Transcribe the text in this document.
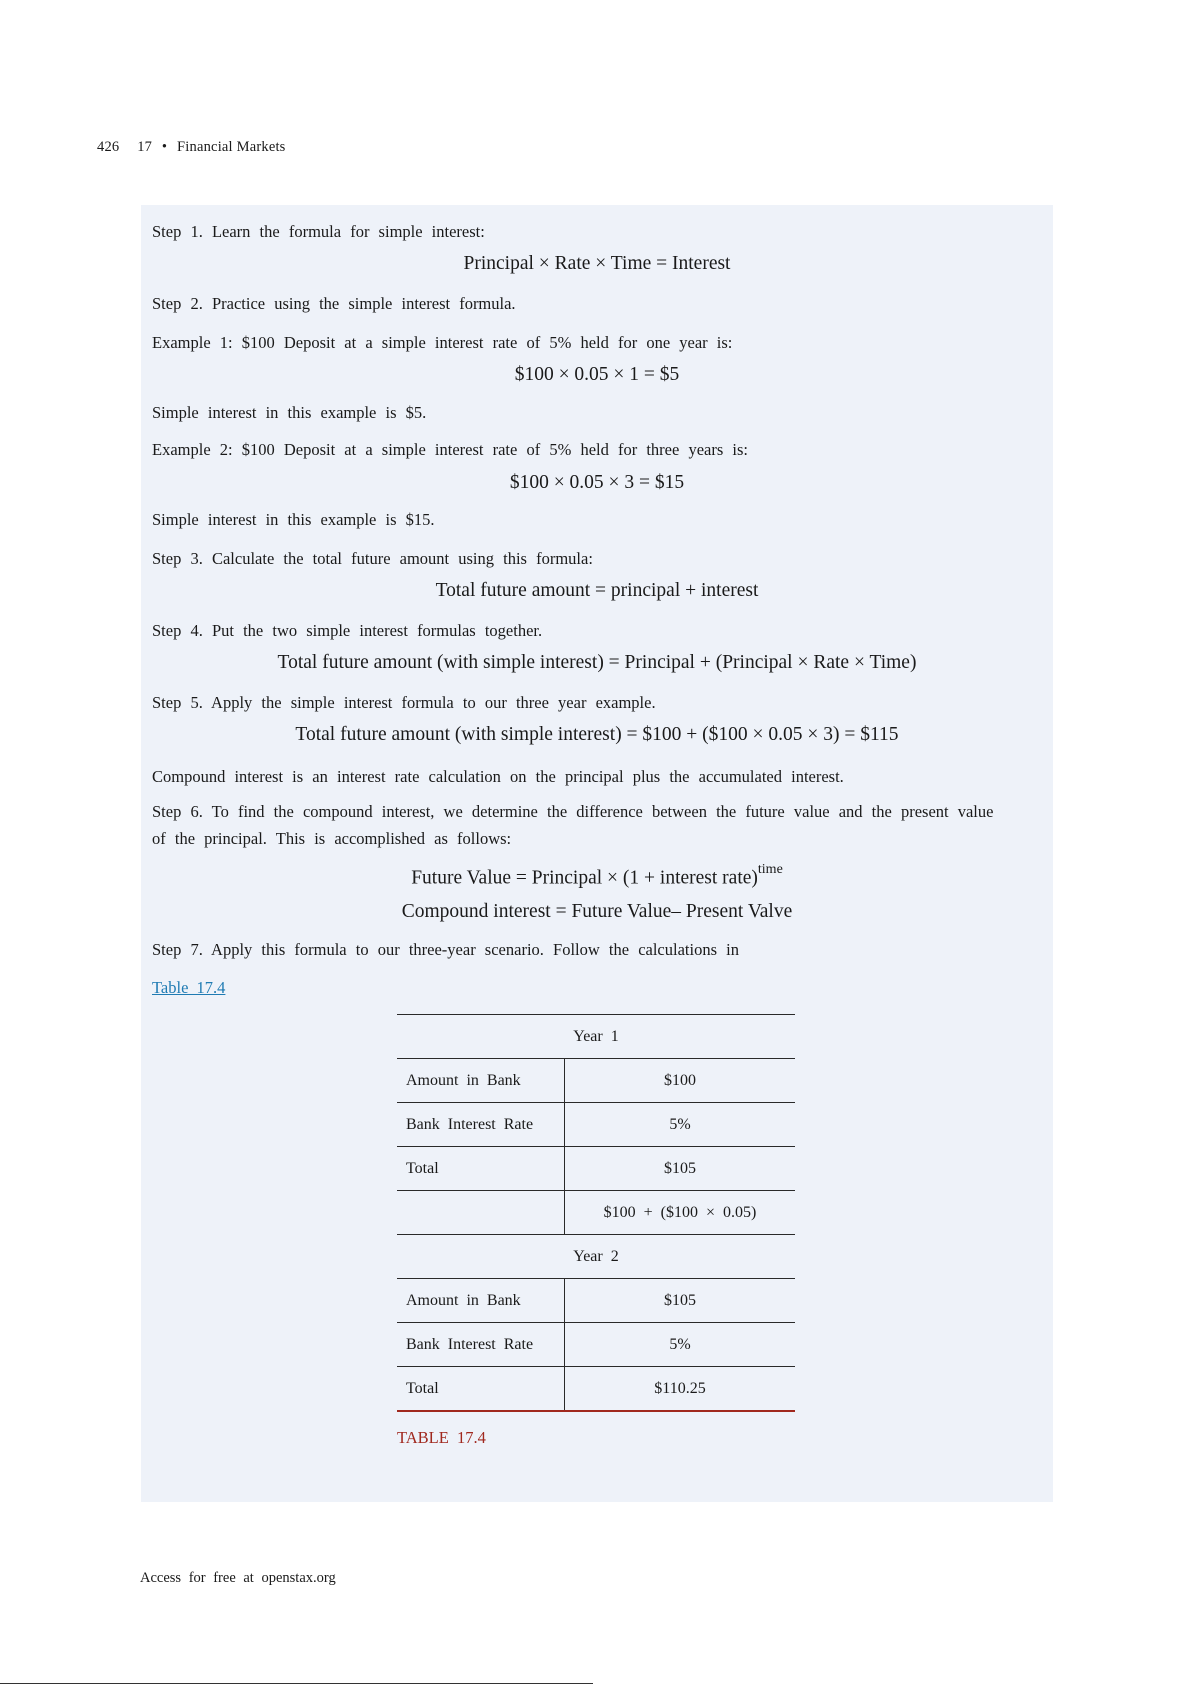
426 17 • Financial Markets
Step 1. Learn the formula for simple interest:
Principal × Rate × Time = Interest
Step 2. Practice using the simple interest formula.
Example 1: $100 Deposit at a simple interest rate of 5% held for one year is:
$100 × 0.05 × 1 = $5
Simple interest in this example is $5.
Example 2: $100 Deposit at a simple interest rate of 5% held for three years is:
$100 × 0.05 × 3 = $15
Simple interest in this example is $15.
Step 3. Calculate the total future amount using this formula:
Total future amount = principal + interest
Step 4. Put the two simple interest formulas together.
Total future amount (with simple interest) = Principal + (Principal × Rate × Time)
Step 5. Apply the simple interest formula to our three year example.
Total future amount (with simple interest) = $100 + ($100 × 0.05 × 3) = $115
Compound interest is an interest rate calculation on the principal plus the accumulated interest.
Step 6. To find the compound interest, we determine the difference between the future value and the present value of the principal. This is accomplished as follows:
Future Value = Principal × (1 + interest rate)$^{time}$
Compound interest = Future Value– Present Valve
Step 7. Apply this formula to our three-year scenario. Follow the calculations in
Table 17.4
Year 1	
Amount in Bank	$100
Bank Interest Rate	5%
Total	$105
	$100 + ($100 × 0.05)
Year 2	
Amount in Bank	$105
Bank Interest Rate	5%
Total	$110.25
TABLE 17.4
Access for free at openstax.org
